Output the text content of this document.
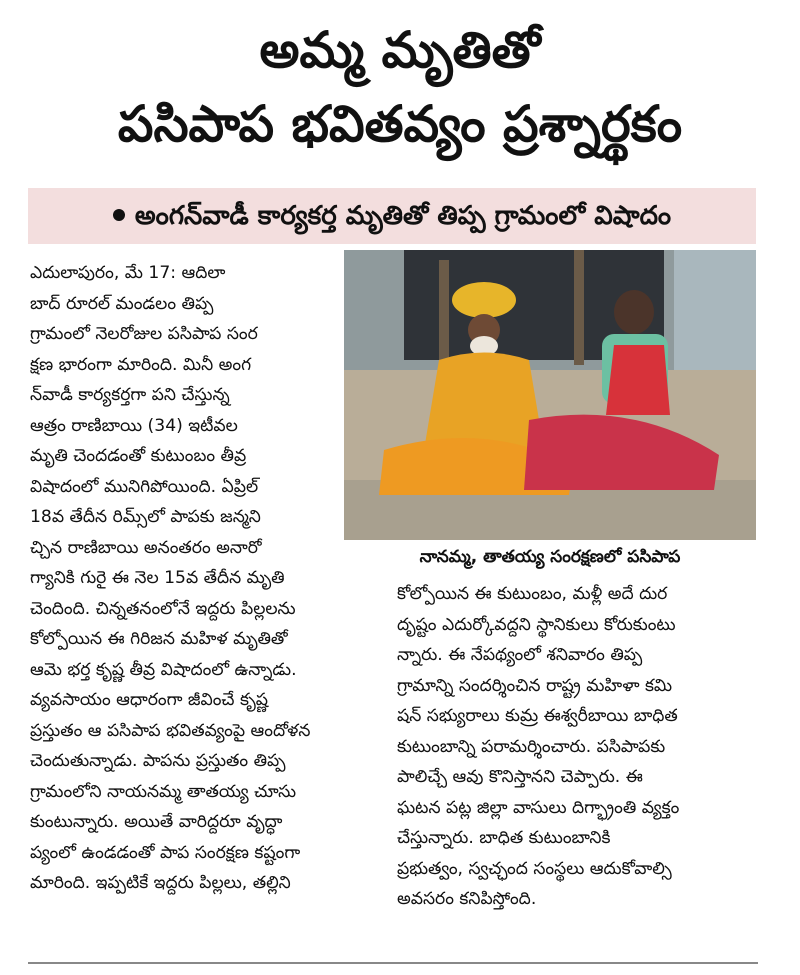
అమ్మ మృతితో
పసిపాప భవితవ్యం ప్రశ్నార్థకం
అంగన్‌వాడీ కార్యకర్త మృతితో తిప్ప గ్రామంలో విషాదం
ఎదులాపురం, మే 17: ఆదిలా
బాద్ రూరల్ మండలం తిప్ప
గ్రామంలో నెలరోజుల పసిపాప సంర
క్షణ భారంగా మారింది. మినీ అంగ
న్‌వాడీ కార్యకర్తగా పని చేస్తున్న
ఆత్రం రాణిబాయి (34) ఇటీవల
మృతి చెందడంతో కుటుంబం తీవ్ర
విషాదంలో మునిగిపోయింది. ఏప్రిల్
18వ తేదీన రిమ్స్‌లో పాపకు జన్మని
చ్చిన రాణిబాయి అనంతరం అనారో
గ్యానికి గురై ఈ నెల 15వ తేదీన మృతి
చెందింది. చిన్నతనంలోనే ఇద్దరు పిల్లలను
కోల్పోయిన ఈ గిరిజన మహిళ మృతితో
ఆమె భర్త కృష్ణ తీవ్ర విషాదంలో ఉన్నాడు.
వ్యవసాయం ఆధారంగా జీవించే కృష్ణ
ప్రస్తుతం ఆ పసిపాప భవితవ్యంపై ఆందోళన
చెందుతున్నాడు. పాపను ప్రస్తుతం తిప్ప
గ్రామంలోని నాయనమ్మ తాతయ్య చూసు
కుంటున్నారు. అయితే వారిద్దరూ వృద్ధా
ప్యంలో ఉండడంతో పాప సంరక్షణ కష్టంగా
మారింది. ఇప్పటికే ఇద్దరు పిల్లలు, తల్లిని
నానమ్మ, తాతయ్య సంరక్షణలో పసిపాప
కోల్పోయిన ఈ కుటుంబం, మళ్లీ అదే దుర
దృష్టం ఎదుర్కోవద్దని స్థానికులు కోరుకుంటు
న్నారు. ఈ నేపథ్యంలో శనివారం తిప్ప
గ్రామాన్ని సందర్శించిన రాష్ట్ర మహిళా కమి
షన్ సభ్యురాలు కుమ్ర ఈశ్వరీబాయి బాధిత
కుటుంబాన్ని పరామర్శించారు. పసిపాపకు
పాలిచ్చే ఆవు కొనిస్తానని చెప్పారు. ఈ
ఘటన పట్ల జిల్లా వాసులు దిగ్భ్రాంతి వ్యక్తం
చేస్తున్నారు. బాధిత కుటుంబానికి
ప్రభుత్వం, స్వచ్ఛంద సంస్థలు ఆదుకోవాల్సి
అవసరం కనిపిస్తోంది.
